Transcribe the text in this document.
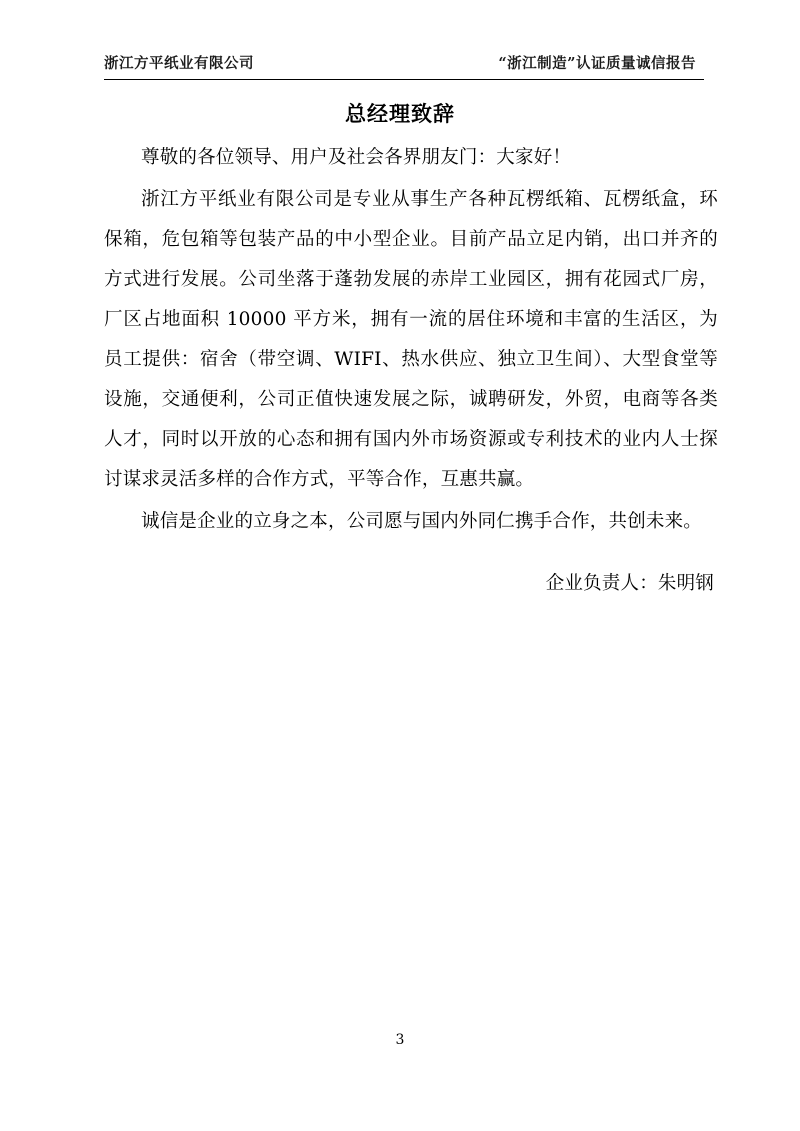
浙江方平纸业有限公司	“浙江制造”认证质量诚信报告
总经理致辞

尊敬的各位领导、用户及社会各界朋友门：大家好！

浙江方平纸业有限公司是专业从事生产各种瓦楞纸箱、瓦楞纸盒，环保箱，危包箱等包装产品的中小型企业。目前产品立足内销，出口并齐的方式进行发展。公司坐落于蓬勃发展的赤岸工业园区，拥有花园式厂房，厂区占地面积 10000 平方米，拥有一流的居住环境和丰富的生活区，为员工提供：宿舍（带空调、WIFI、热水供应、独立卫生间）、大型食堂等设施，交通便利，公司正值快速发展之际，诚聘研发，外贸，电商等各类人才，同时以开放的心态和拥有国内外市场资源或专利技术的业内人士探讨谋求灵活多样的合作方式，平等合作，互惠共赢。

诚信是企业的立身之本，公司愿与国内外同仁携手合作，共创未来。

企业负责人：朱明钢

3
